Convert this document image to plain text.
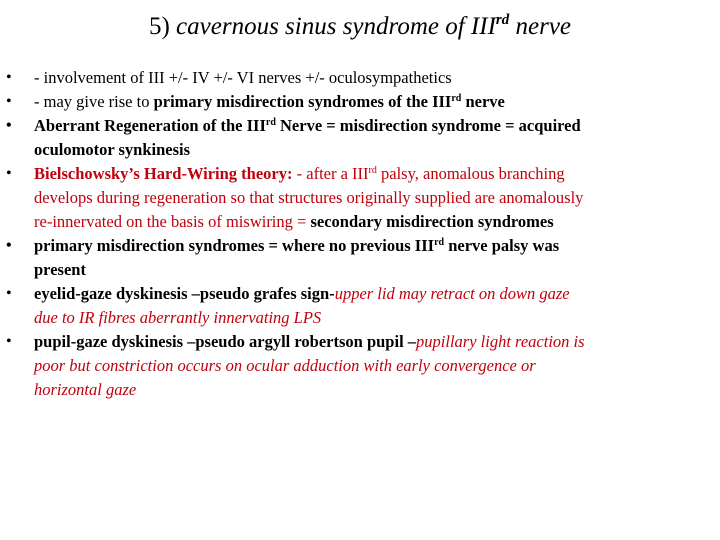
5) cavernous sinus syndrome of IIIrd nerve
• - involvement of III +/- IV +/- VI nerves +/- oculosympathetics
• - may give rise to primary misdirection syndromes of the IIIrd nerve
• Aberrant Regeneration of the IIIrd Nerve = misdirection syndrome = acquired
oculomotor synkinesis
• Bielschowsky’s Hard-Wiring theory: - after a IIIrd palsy, anomalous branching
develops during regeneration so that structures originally supplied are anomalously
re-innervated on the basis of miswiring = secondary misdirection syndromes
• primary misdirection syndromes = where no previous IIIrd nerve palsy was
present
• eyelid-gaze dyskinesis –pseudo grafes sign-upper lid may retract on down gaze
due to IR fibres aberrantly innervating LPS
• pupil-gaze dyskinesis –pseudo argyll robertson pupil –pupillary light reaction is
poor but constriction occurs on ocular adduction with early convergence or
horizontal gaze
